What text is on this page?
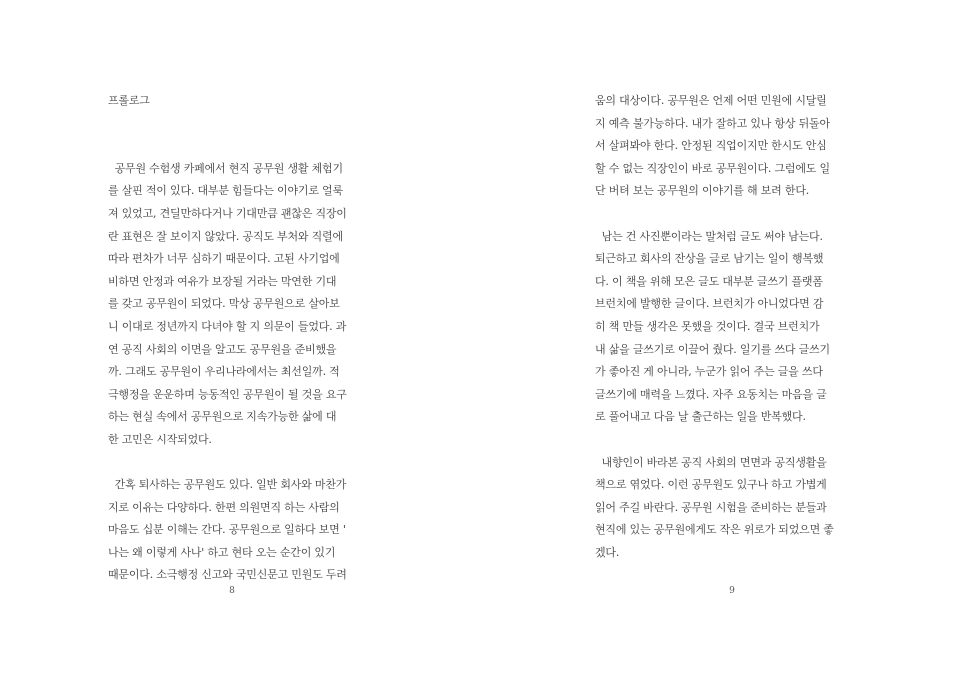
프롤로그
공무원 수험생 카페에서 현직 공무원 생활 체험기
를 살핀 적이 있다. 대부분 힘들다는 이야기로 얼룩
져 있었고, 견딜만하다거나 기대만큼 괜찮은 직장이
란 표현은 잘 보이지 않았다. 공직도 부처와 직렬에
따라 편차가 너무 심하기 때문이다. 고된 사기업에
비하면 안정과 여유가 보장될 거라는 막연한 기대
를 갖고 공무원이 되었다. 막상 공무원으로 살아보
니 이대로 정년까지 다녀야 할 지 의문이 들었다. 과
연 공직 사회의 이면을 알고도 공무원을 준비했을
까. 그래도 공무원이 우리나라에서는 최선일까. 적
극행정을 운운하며 능동적인 공무원이 될 것을 요구
하는 현실 속에서 공무원으로 지속가능한 삶에 대
한 고민은 시작되었다.
간혹 퇴사하는 공무원도 있다. 일반 회사와 마찬가
지로 이유는 다양하다. 한편 의원면직 하는 사람의
마음도 십분 이해는 간다. 공무원으로 일하다 보면 '
나는 왜 이렇게 사나' 하고 현타 오는 순간이 있기
때문이다. 소극행정 신고와 국민신문고 민원도 두려
8
움의 대상이다. 공무원은 언제 어떤 민원에 시달릴
지 예측 불가능하다. 내가 잘하고 있나 항상 뒤돌아
서 살펴봐야 한다. 안정된 직업이지만 한시도 안심
할 수 없는 직장인이 바로 공무원이다. 그럼에도 일
단 버텨 보는 공무원의 이야기를 해 보려 한다.
남는 건 사진뿐이라는 말처럼 글도 써야 남는다.
퇴근하고 회사의 잔상을 글로 남기는 일이 행복했
다. 이 책을 위해 모은 글도 대부분 글쓰기 플랫폼
브런치에 발행한 글이다. 브런치가 아니었다면 감
히 책 만들 생각은 못했을 것이다. 결국 브런치가
내 삶을 글쓰기로 이끌어 줬다. 일기를 쓰다 글쓰기
가 좋아진 게 아니라, 누군가 읽어 주는 글을 쓰다
글쓰기에 매력을 느꼈다. 자주 요동치는 마음을 글
로 풀어내고 다음 날 출근하는 일을 반복했다.
내향인이 바라본 공직 사회의 면면과 공직생활을
책으로 엮었다. 이런 공무원도 있구나 하고 가볍게
읽어 주길 바란다. 공무원 시험을 준비하는 분들과
현직에 있는 공무원에게도 작은 위로가 되었으면 좋
겠다.
9
